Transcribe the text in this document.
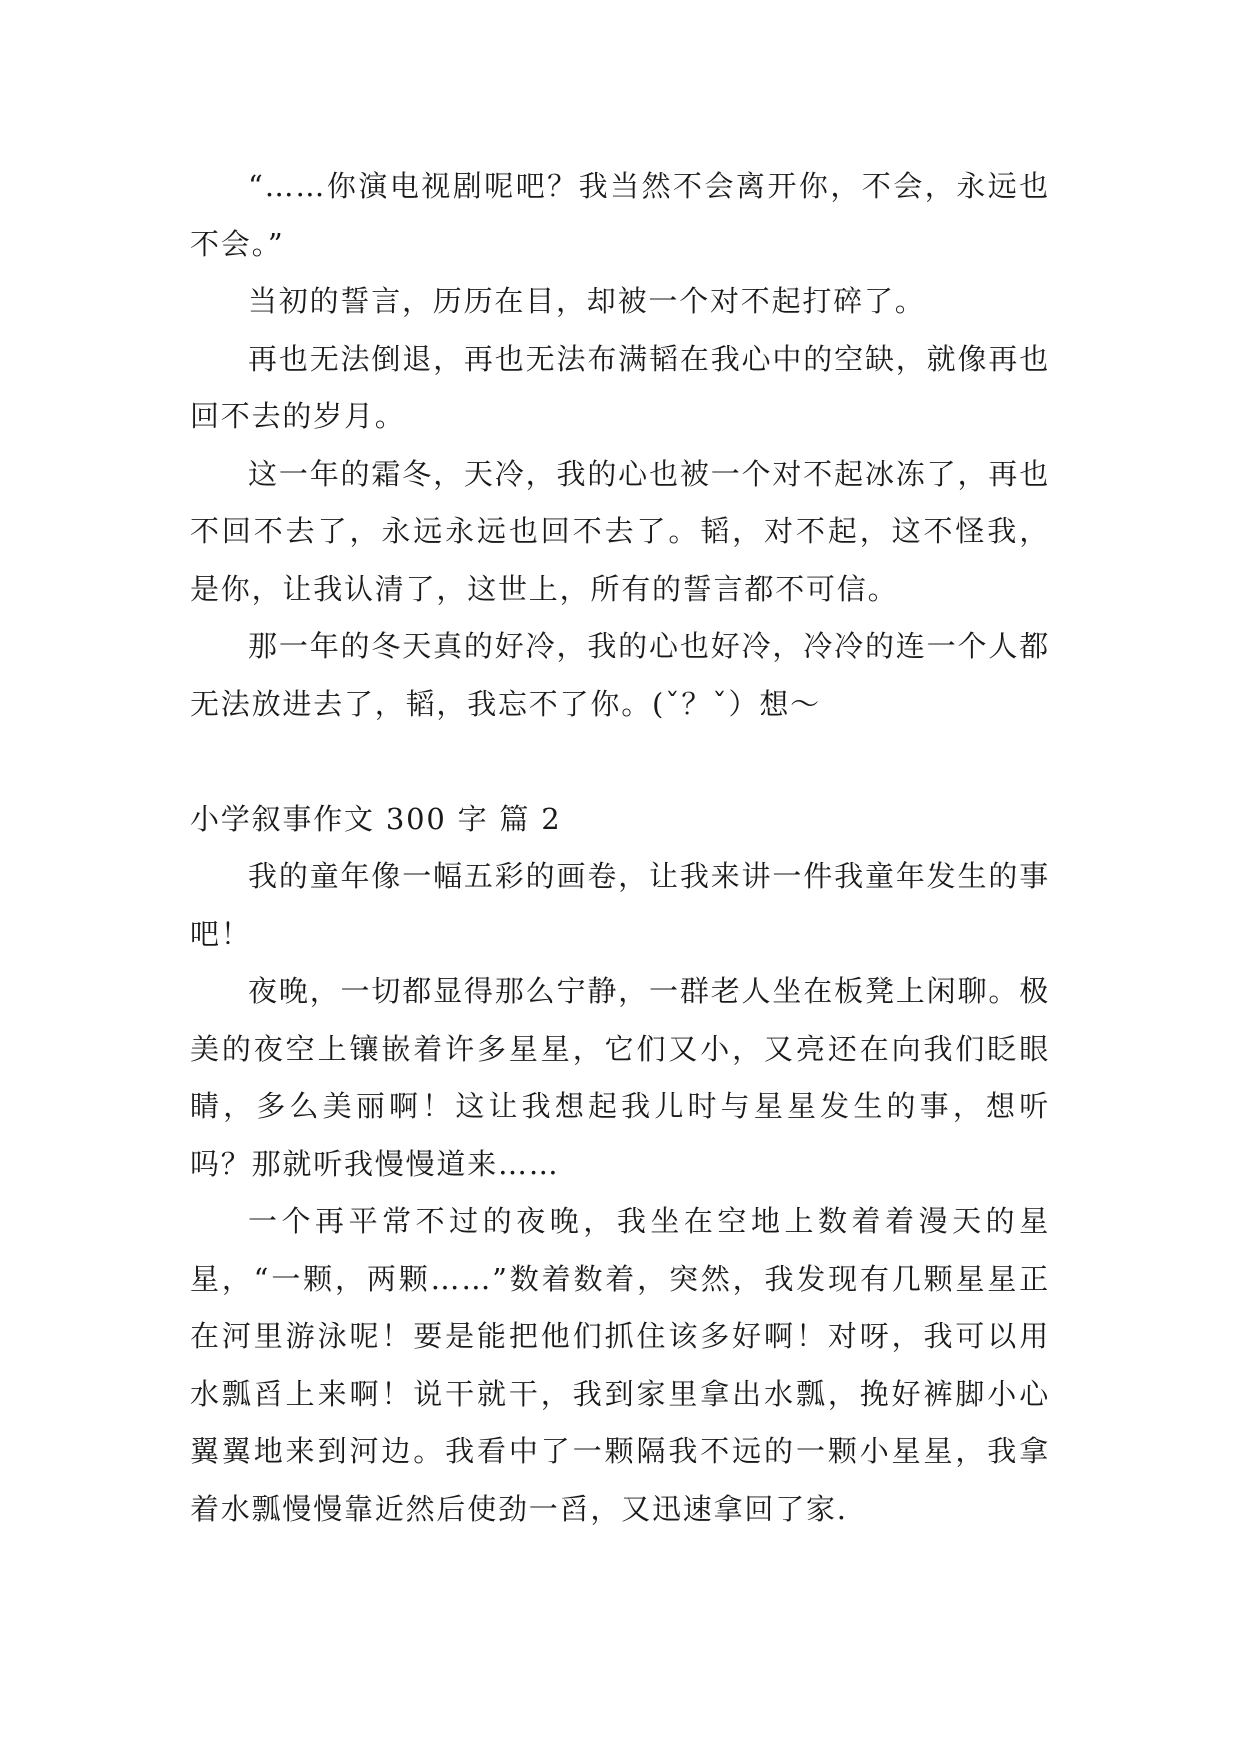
“……你演电视剧呢吧？我当然不会离开你，不会，永远也不会。”

当初的誓言，历历在目，却被一个对不起打碎了。

再也无法倒退，再也无法布满韬在我心中的空缺，就像再也回不去的岁月。

这一年的霜冬，天冷，我的心也被一个对不起冰冻了，再也不回不去了，永远永远也回不去了。韬，对不起，这不怪我，是你，让我认清了，这世上，所有的誓言都不可信。

那一年的冬天真的好冷，我的心也好冷，冷冷的连一个人都无法放进去了，韬，我忘不了你。(ˇ？ˇ）想～

小学叙事作文 300 字 篇 2

我的童年像一幅五彩的画卷，让我来讲一件我童年发生的事吧！

夜晚，一切都显得那么宁静，一群老人坐在板凳上闲聊。极美的夜空上镶嵌着许多星星，它们又小，又亮还在向我们眨眼睛，多么美丽啊！这让我想起我儿时与星星发生的事，想听吗？那就听我慢慢道来……

一个再平常不过的夜晚，我坐在空地上数着着漫天的星星，“一颗，两颗……”数着数着，突然，我发现有几颗星星正在河里游泳呢！要是能把他们抓住该多好啊！对呀，我可以用水瓢舀上来啊！说干就干，我到家里拿出水瓢，挽好裤脚小心翼翼地来到河边。我看中了一颗隔我不远的一颗小星星，我拿着水瓢慢慢靠近然后使劲一舀，又迅速拿回了家.
